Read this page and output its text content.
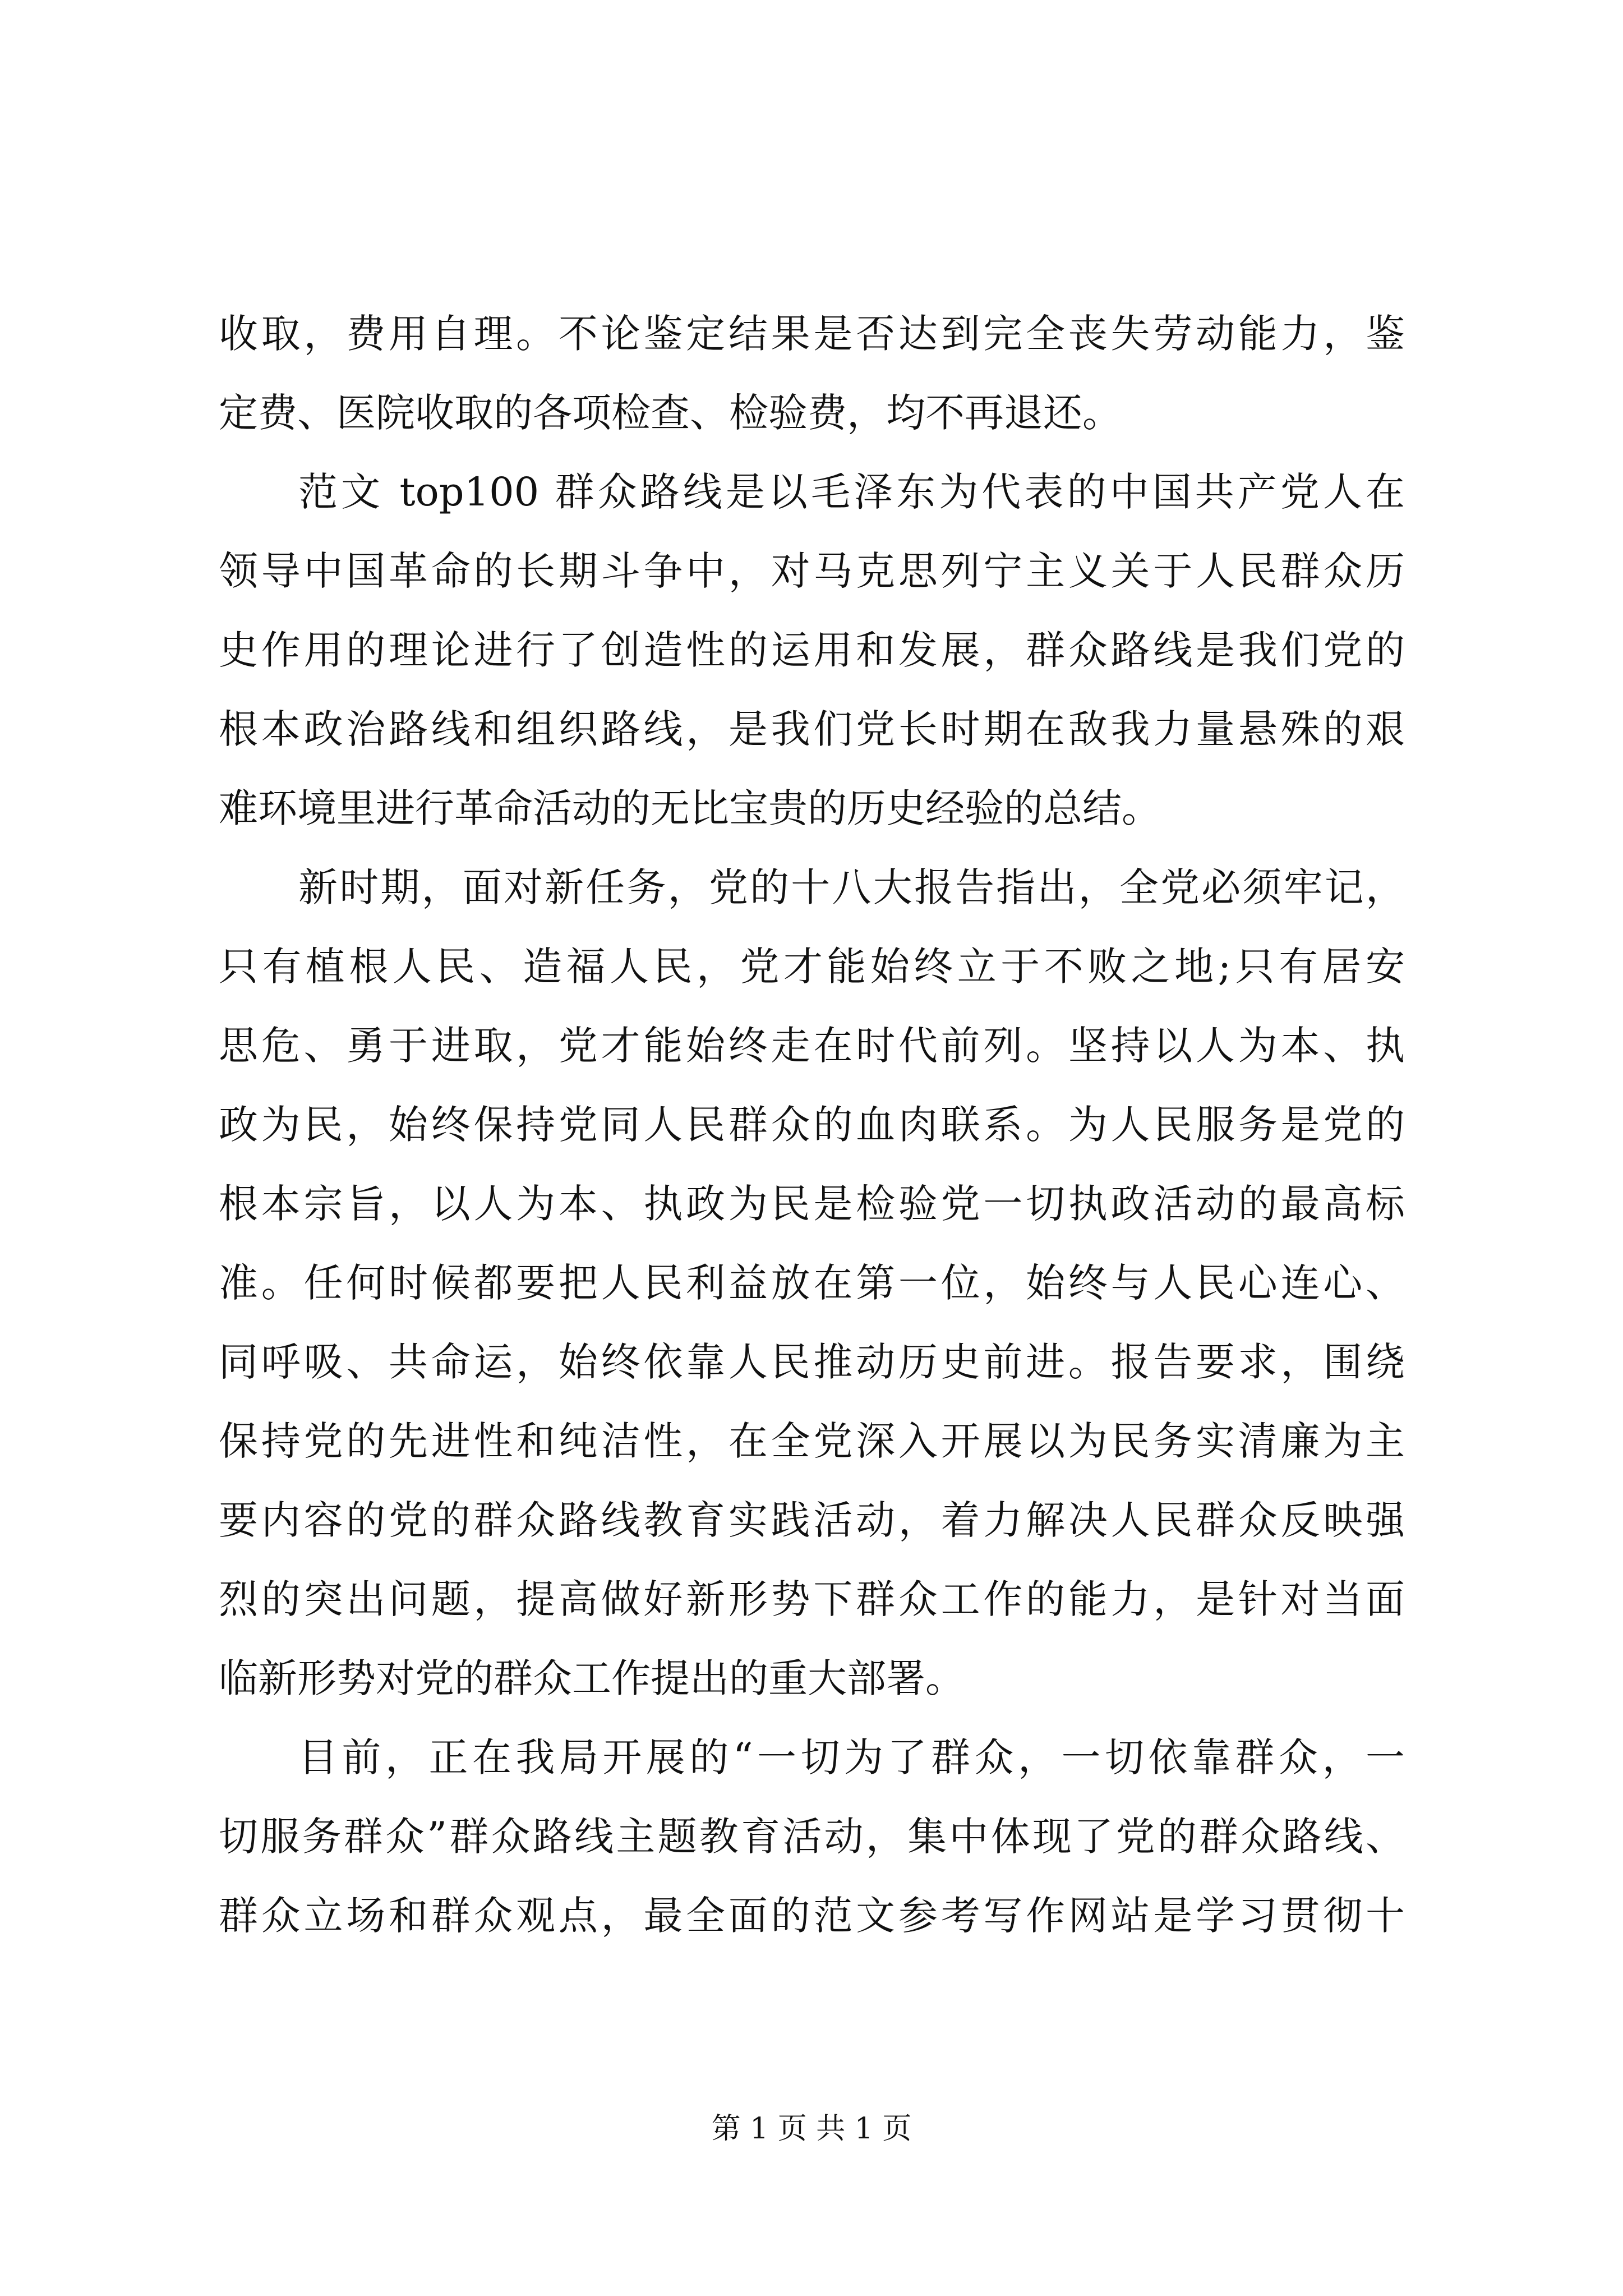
收取，费用自理。不论鉴定结果是否达到完全丧失劳动能力，鉴
定费、医院收取的各项检查、检验费，均不再退还。
范文 top100 群众路线是以毛泽东为代表的中国共产党人在
领导中国革命的长期斗争中，对马克思列宁主义关于人民群众历
史作用的理论进行了创造性的运用和发展，群众路线是我们党的
根本政治路线和组织路线，是我们党长时期在敌我力量悬殊的艰
难环境里进行革命活动的无比宝贵的历史经验的总结。
新时期，面对新任务，党的十八大报告指出，全党必须牢记，
只有植根人民、造福人民，党才能始终立于不败之地;只有居安
思危、勇于进取，党才能始终走在时代前列。坚持以人为本、执
政为民，始终保持党同人民群众的血肉联系。为人民服务是党的
根本宗旨，以人为本、执政为民是检验党一切执政活动的最高标
准。任何时候都要把人民利益放在第一位，始终与人民心连心、
同呼吸、共命运，始终依靠人民推动历史前进。报告要求，围绕
保持党的先进性和纯洁性，在全党深入开展以为民务实清廉为主
要内容的党的群众路线教育实践活动，着力解决人民群众反映强
烈的突出问题，提高做好新形势下群众工作的能力，是针对当面
临新形势对党的群众工作提出的重大部署。
目前，正在我局开展的“一切为了群众，一切依靠群众，一
切服务群众”群众路线主题教育活动，集中体现了党的群众路线、
群众立场和群众观点，最全面的范文参考写作网站是学习贯彻十
第 1 页 共 1 页
